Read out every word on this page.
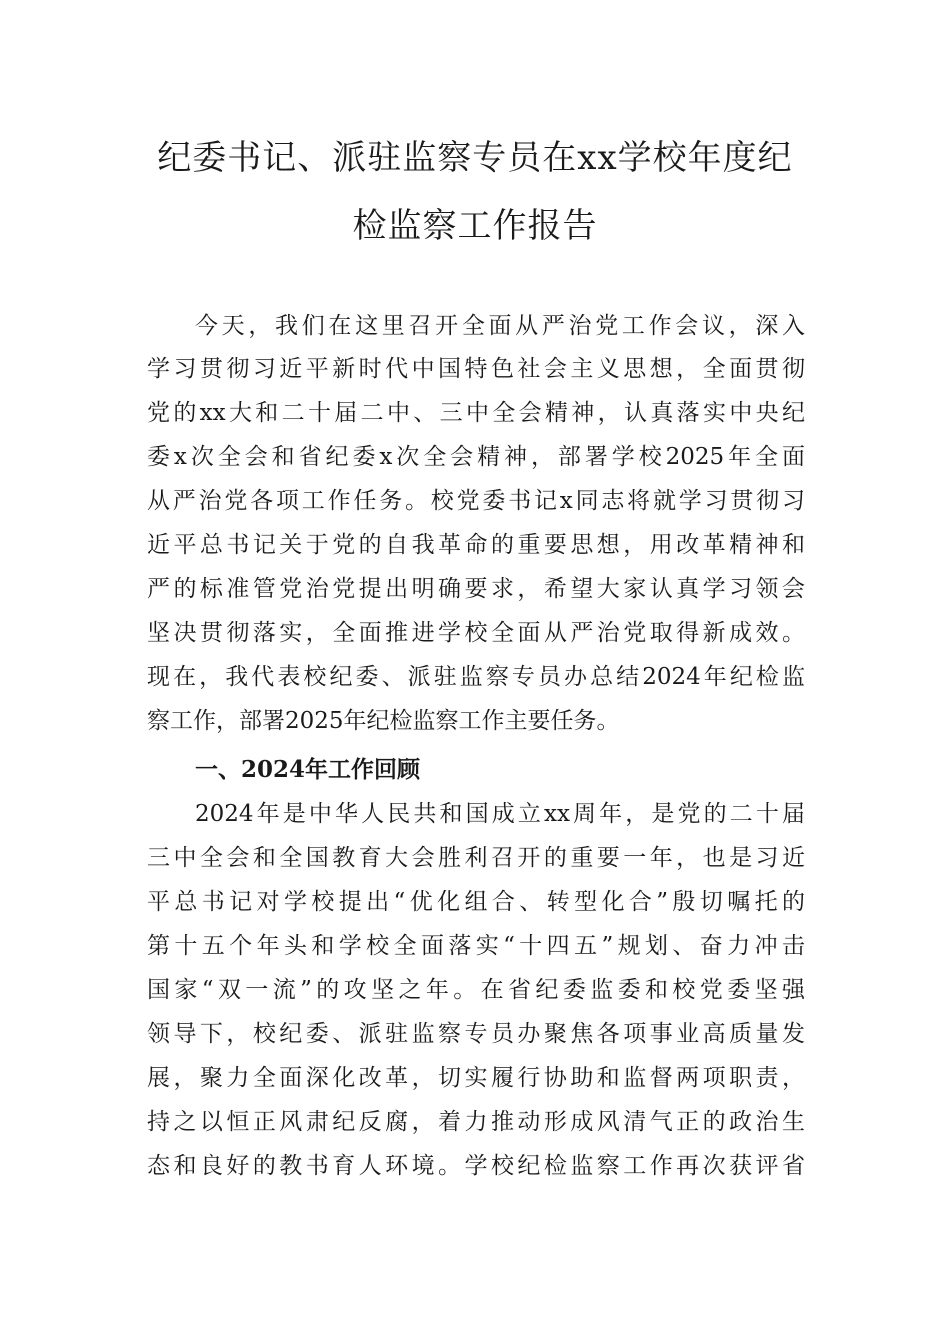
纪委书记、派驻监察专员在xx学校年度纪
检监察工作报告
今天，我们在这里召开全面从严治党工作会议，深入
学习贯彻习近平新时代中国特色社会主义思想，全面贯彻
党的xx大和二十届二中、三中全会精神，认真落实中央纪
委x次全会和省纪委x次全会精神，部署学校2025年全面
从严治党各项工作任务。校党委书记x同志将就学习贯彻习
近平总书记关于党的自我革命的重要思想，用改革精神和
严的标准管党治党提出明确要求，希望大家认真学习领会
坚决贯彻落实，全面推进学校全面从严治党取得新成效。
现在，我代表校纪委、派驻监察专员办总结2024年纪检监
察工作，部署2025年纪检监察工作主要任务。
一、2024年工作回顾
2024年是中华人民共和国成立xx周年，是党的二十届
三中全会和全国教育大会胜利召开的重要一年，也是习近
平总书记对学校提出“优化组合、转型化合”殷切嘱托的
第十五个年头和学校全面落实“十四五”规划、奋力冲击
国家“双一流”的攻坚之年。在省纪委监委和校党委坚强
领导下，校纪委、派驻监察专员办聚焦各项事业高质量发
展，聚力全面深化改革，切实履行协助和监督两项职责，
持之以恒正风肃纪反腐，着力推动形成风清气正的政治生
态和良好的教书育人环境。学校纪检监察工作再次获评省
